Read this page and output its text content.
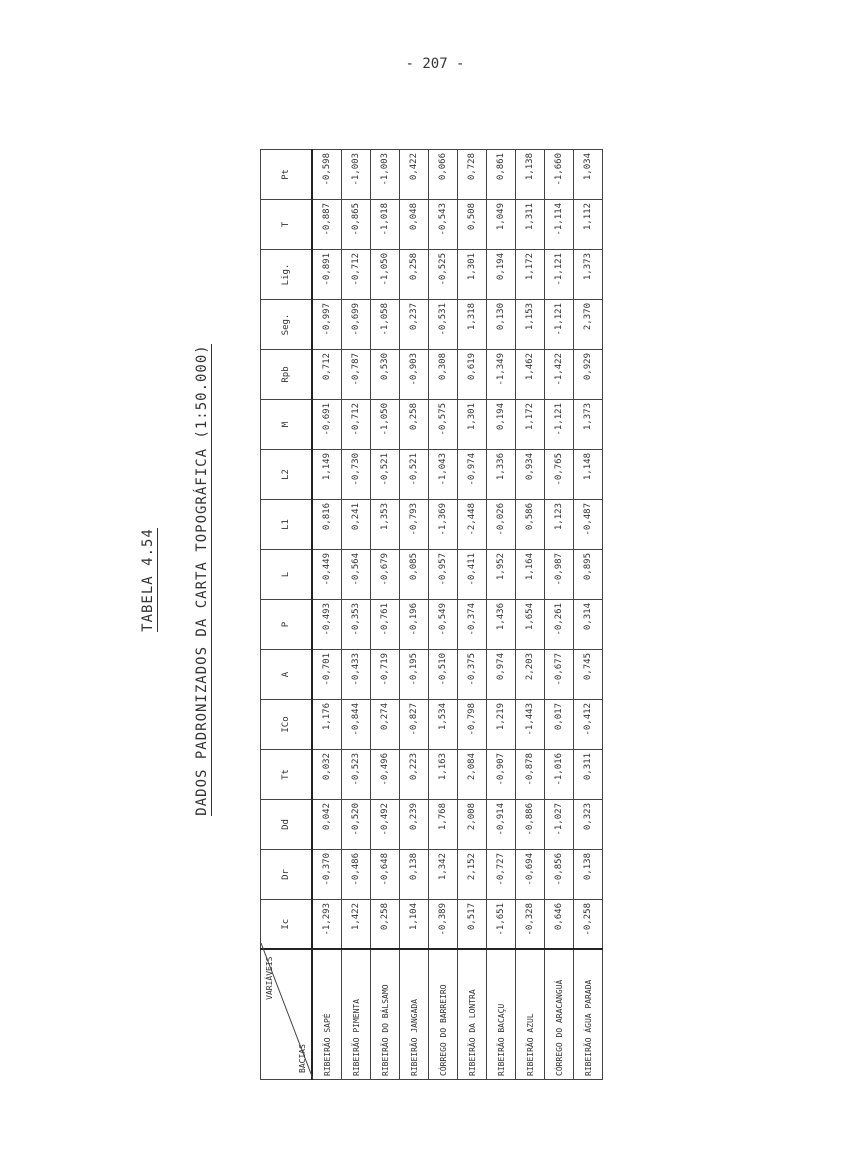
- 207 -
TABELA 4.54	DADOS PADRONIZADOS DA CARTA TOPOGRÁFICA (1:50.000)
VARIÁVEIS
BACIAS	Ic	Dr	Dd	Tt	ICo	A	P	L	L1	L2	M	Rpb	Seg.	Lig.	T	Pt
RIBEIRÃO SAPÉ	-1,293	-0,370	0,042	0,032	1,176	-0,701	-0,493	-0,449	0,816	1,149	-0,691	0,712	-0,997	-0,891	-0,887	-0,598
RIBEIRÃO PIMENTA	1,422	-0,486	-0,520	-0,523	-0,844	-0,433	-0,353	-0,564	0,241	-0,730	-0,712	-0,787	-0,699	-0,712	-0,865	-1,003
RIBEIRÃO DO BÁLSAMO	0,258	-0,648	-0,492	-0,496	0,274	-0,719	-0,761	-0,679	1,353	-0,521	-1,050	0,530	-1,058	-1,050	-1,018	-1,003
RIBEIRÃO JANGADA	1,104	0,138	0,239	0,223	-0,827	-0,195	-0,196	0,085	-0,793	-0,521	0,258	-0,903	0,237	0,258	0,048	0,422
CÓRREGO DO BARREIRO	-0,389	1,342	1,768	1,163	1,534	-0,510	-0,549	-0,957	-1,369	-1,043	-0,575	0,308	-0,531	-0,525	-0,543	0,066
RIBEIRÃO DA LONTRA	0,517	2,152	2,008	2,084	-0,798	-0,375	-0,374	-0,411	-2,448	-0,974	1,301	0,619	1,318	1,301	0,508	0,728
RIBEIRÃO BACAÇU	-1,651	-0,727	-0,914	-0,907	1,219	0,974	1,436	1,952	-0,026	1,336	0,194	-1,349	0,130	0,194	1,049	0,861
RIBEIRÃO AZUL	-0,328	-0,694	-0,886	-0,878	-1,443	2,203	1,654	1,164	0,586	0,934	1,172	1,462	1,153	1,172	1,311	1,138
CÓRREGO DO ARACANGUÁ	0,646	-0,856	-1,027	-1,016	0,017	-0,677	-0,261	-0,987	1,123	-0,765	-1,121	-1,422	-1,121	-1,121	-1,114	-1,660
RIBEIRÃO ÁGUA PARADA	-0,258	0,138	0,323	0,311	-0,412	0,745	0,314	0,895	-0,487	1,148	1,373	0,929	2,370	1,373	1,112	1,034
